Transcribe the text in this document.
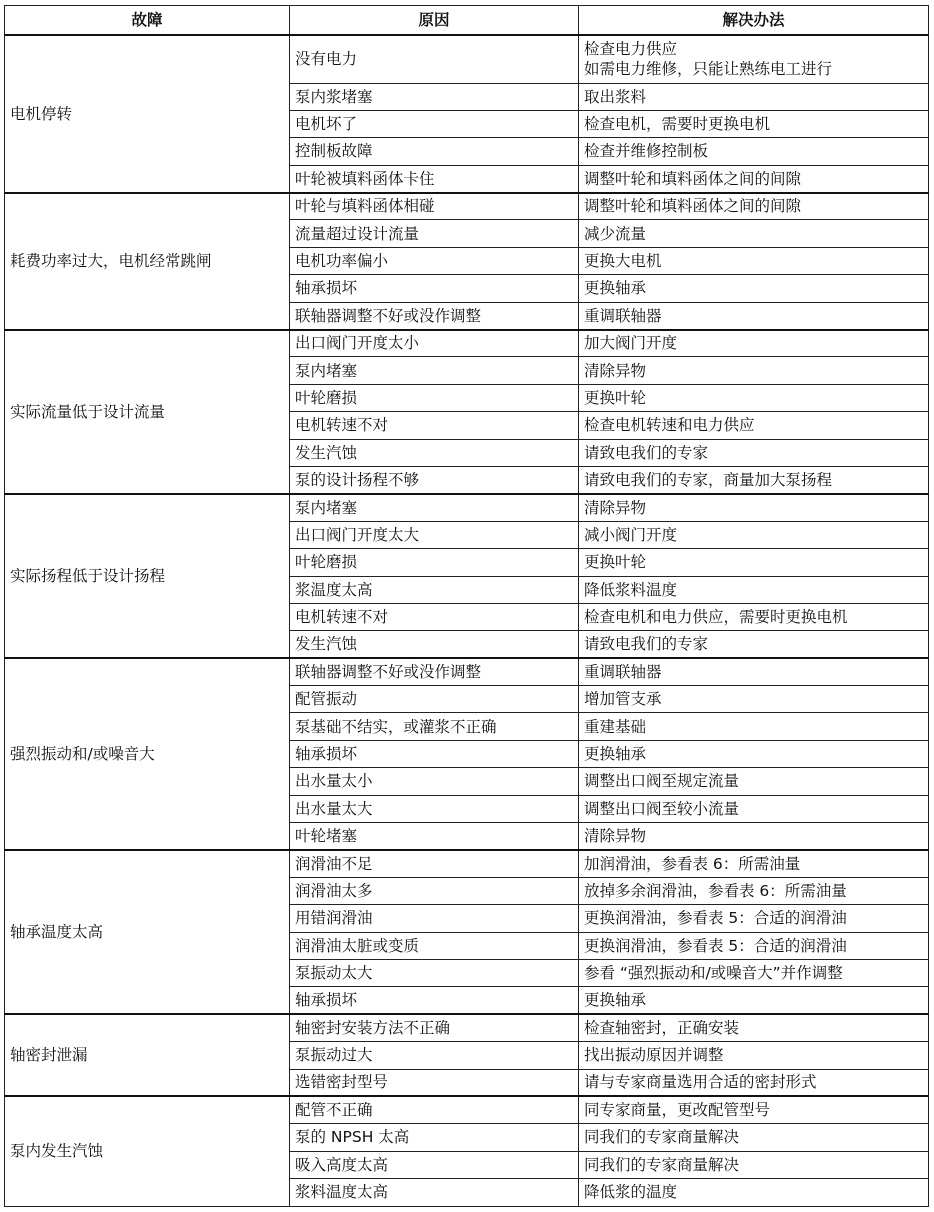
故障	原因	解决办法
电机停转	没有电力	检查电力供应
如需电力维修，只能让熟练电工进行

	泵内浆堵塞	取出浆料

	电机坏了	检查电机，需要时更换电机

	控制板故障	检查并维修控制板

	叶轮被填料函体卡住	调整叶轮和填料函体之间的间隙

耗费功率过大，电机经常跳闸	叶轮与填料函体相碰	调整叶轮和填料函体之间的间隙

	流量超过设计流量	减少流量

	电机功率偏小	更换大电机

	轴承损坏	更换轴承

	联轴器调整不好或没作调整	重调联轴器

实际流量低于设计流量	出口阀门开度太小	加大阀门开度

	泵内堵塞	清除异物

	叶轮磨损	更换叶轮

	电机转速不对	检查电机转速和电力供应

	发生汽蚀	请致电我们的专家

	泵的设计扬程不够	请致电我们的专家，商量加大泵扬程

实际扬程低于设计扬程	泵内堵塞	清除异物

	出口阀门开度太大	减小阀门开度

	叶轮磨损	更换叶轮

	浆温度太高	降低浆料温度

	电机转速不对	检查电机和电力供应，需要时更换电机

	发生汽蚀	请致电我们的专家

强烈振动和/或噪音大	联轴器调整不好或没作调整	重调联轴器

	配管振动	增加管支承

	泵基础不结实，或灌浆不正确	重建基础

	轴承损坏	更换轴承

	出水量太小	调整出口阀至规定流量

	出水量太大	调整出口阀至较小流量

	叶轮堵塞	清除异物

轴承温度太高	润滑油不足	加润滑油，参看表 6：所需油量

	润滑油太多	放掉多余润滑油，参看表 6：所需油量

	用错润滑油	更换润滑油，参看表 5：合适的润滑油

	润滑油太脏或变质	更换润滑油，参看表 5：合适的润滑油

	泵振动太大	参看 “强烈振动和/或噪音大”并作调整

	轴承损坏	更换轴承

轴密封泄漏	轴密封安装方法不正确	检查轴密封，正确安装

	泵振动过大	找出振动原因并调整

	选错密封型号	请与专家商量选用合适的密封形式

泵内发生汽蚀	配管不正确	同专家商量，更改配管型号

	泵的 NPSH 太高	同我们的专家商量解决

	吸入高度太高	同我们的专家商量解决

	浆料温度太高	降低浆的温度
